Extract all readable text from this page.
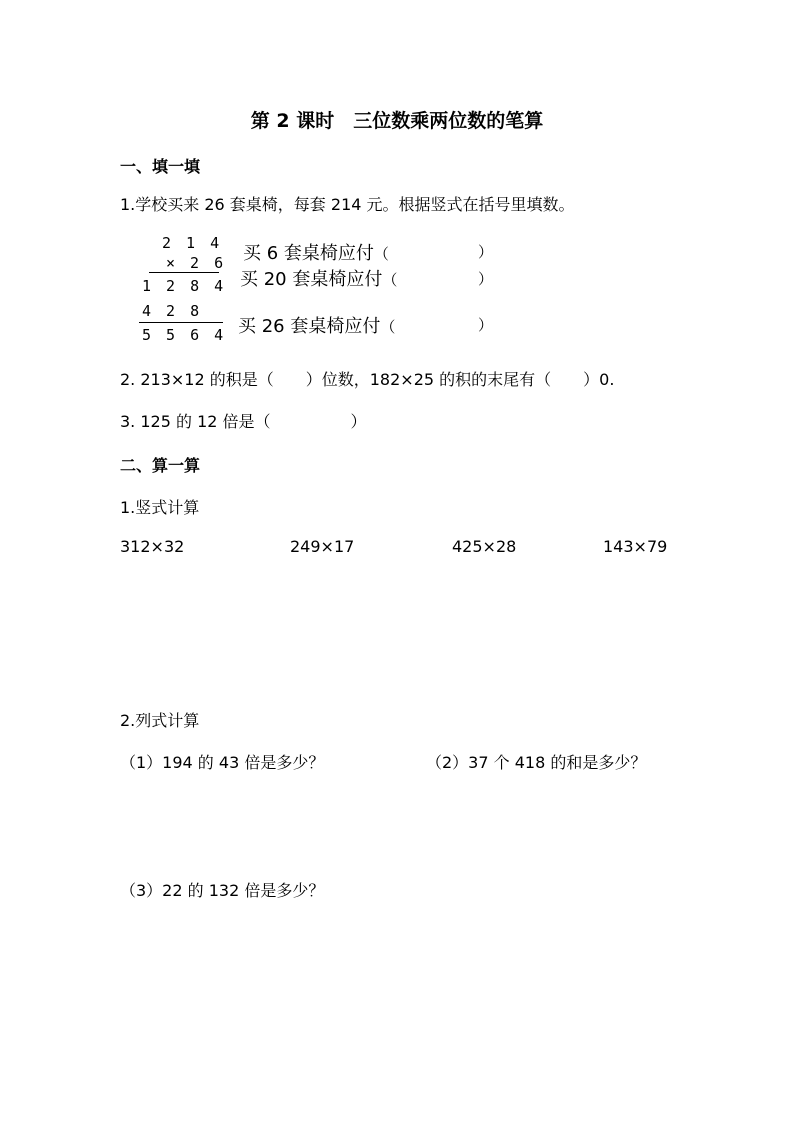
第 2 课时　三位数乘两位数的笔算
一、填一填
1.学校买来 26 套桌椅，每套 214 元。根据竖式在括号里填数。
2 1 4
× 2 6
1 2 8 4
4 2 8
5 5 6 4
买 6 套桌椅应付（	）
买 20 套桌椅应付（	）
买 26 套桌椅应付（	）
2. 213×12 的积是（　　）位数，182×25 的积的末尾有（　　）0.
3. 125 的 12 倍是（　　　　　）
二、算一算
1.竖式计算
312×32	249×17	425×28	143×79
2.列式计算
（1）194 的 43 倍是多少？	（2）37 个 418 的和是多少？
（3）22 的 132 倍是多少？
